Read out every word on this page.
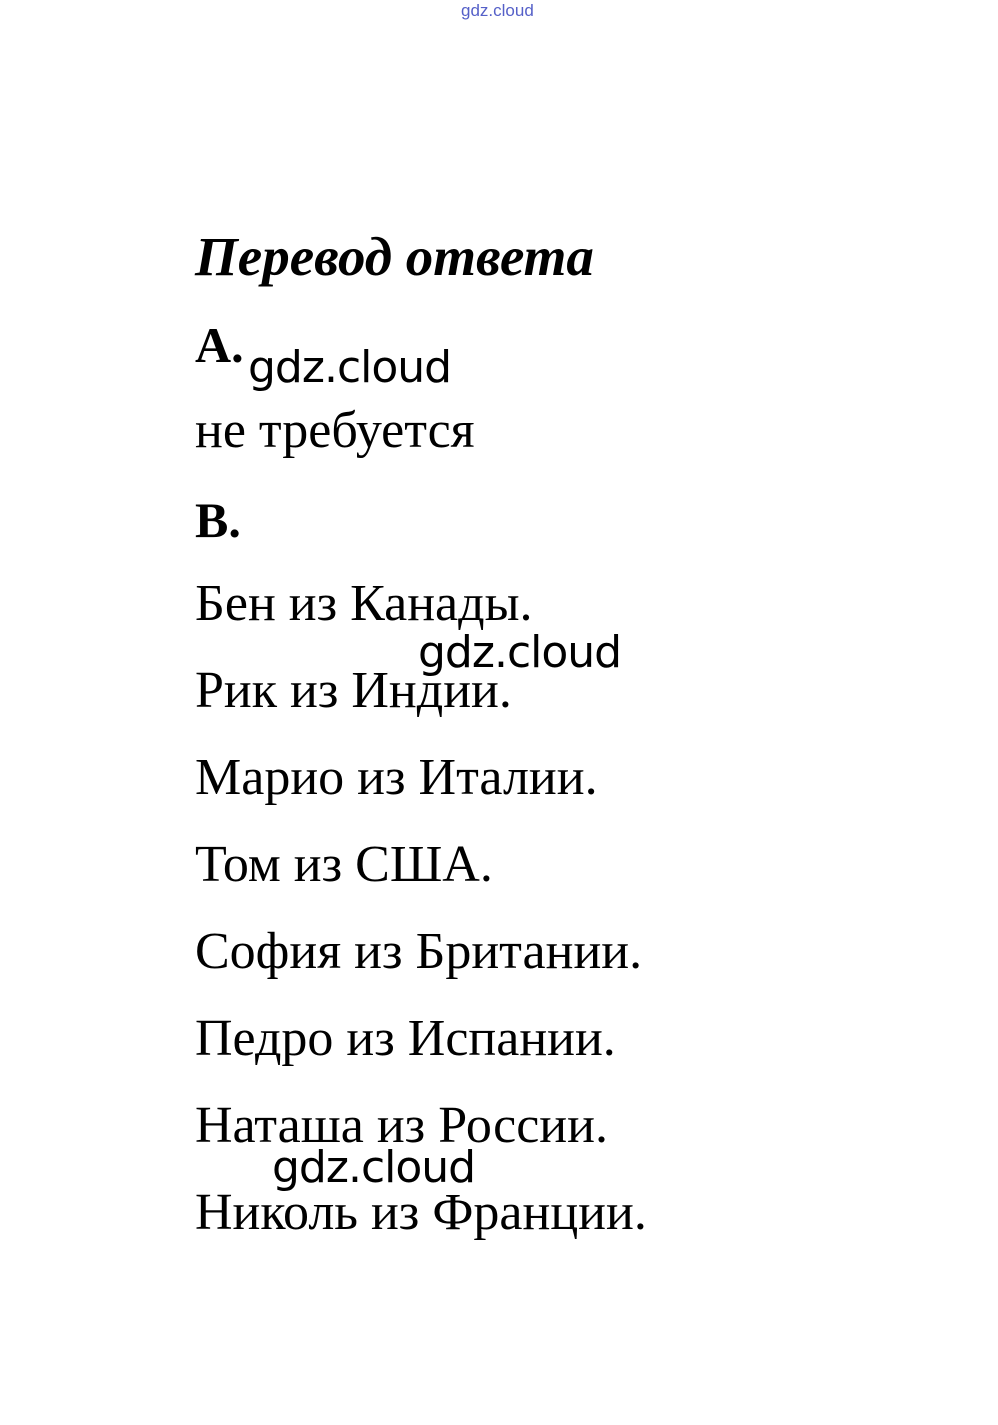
gdz.cloud
Перевод ответа
A.
не требуется
B.
Бен из Канады.
Рик из Индии.
Марио из Италии.
Том из США.
София из Британии.
Педро из Испании.
Наташа из России.
Николь из Франции.
gdz.cloud
gdz.cloud
gdz.cloud
